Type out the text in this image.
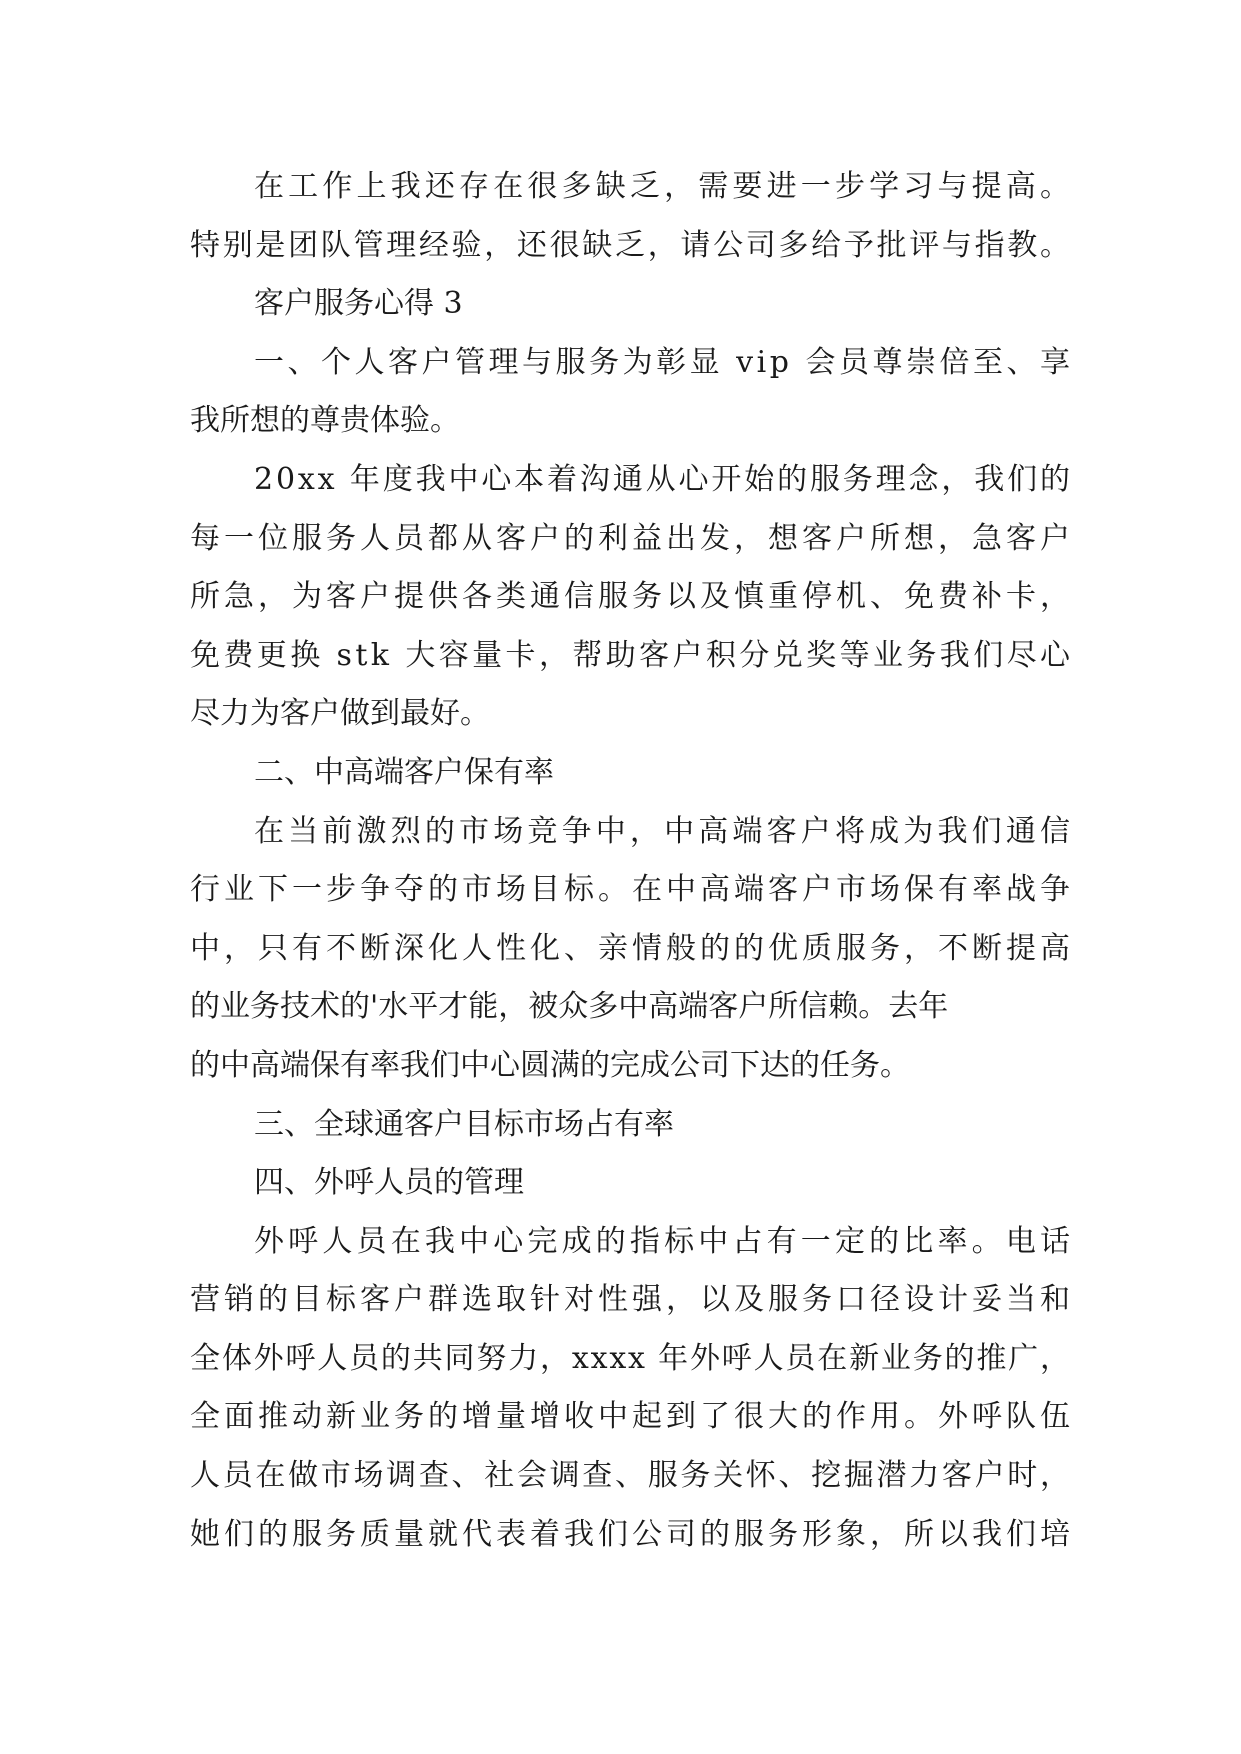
在工作上我还存在很多缺乏，需要进一步学习与提高。
特别是团队管理经验，还很缺乏，请公司多给予批评与指教。
客户服务心得 3
一、个人客户管理与服务为彰显 vip 会员尊崇倍至、享
我所想的尊贵体验。
20xx 年度我中心本着沟通从心开始的服务理念，我们的
每一位服务人员都从客户的利益出发，想客户所想，急客户
所急，为客户提供各类通信服务以及慎重停机、免费补卡，
免费更换 stk 大容量卡，帮助客户积分兑奖等业务我们尽心
尽力为客户做到最好。
二、中高端客户保有率
在当前激烈的市场竞争中，中高端客户将成为我们通信
行业下一步争夺的市场目标。在中高端客户市场保有率战争
中，只有不断深化人性化、亲情般的的优质服务，不断提高
的业务技术的'水平才能，被众多中高端客户所信赖。去年
的中高端保有率我们中心圆满的完成公司下达的任务。
三、全球通客户目标市场占有率
四、外呼人员的管理
外呼人员在我中心完成的指标中占有一定的比率。电话
营销的目标客户群选取针对性强，以及服务口径设计妥当和
全体外呼人员的共同努力，xxxx 年外呼人员在新业务的推广，
全面推动新业务的增量增收中起到了很大的作用。外呼队伍
人员在做市场调查、社会调查、服务关怀、挖掘潜力客户时，
她们的服务质量就代表着我们公司的服务形象，所以我们培
